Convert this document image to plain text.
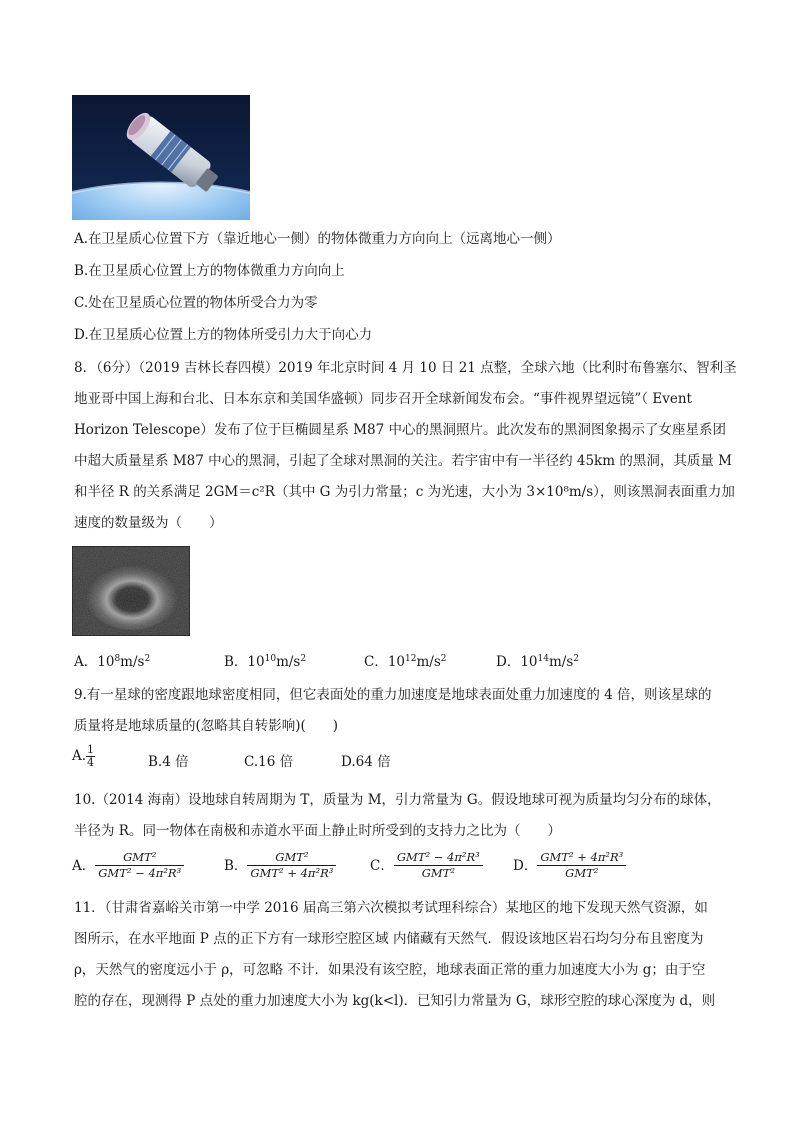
A.在卫星质心位置下方（靠近地心一侧）的物体微重力方向向上（远离地心一侧）
B.在卫星质心位置上方的物体微重力方向向上
C.处在卫星质心位置的物体所受合力为零
D.在卫星质心位置上方的物体所受引力大于向心力
8．（6分）（2019 吉林长春四模）2019 年北京时间 4 月 10 日 21 点整，全球六地（比利时布鲁塞尔、智利圣
地亚哥中国上海和台北、日本东京和美国华盛顿）同步召开全球新闻发布会。“事件视界望远镜”（ Event
Horizon Telescope）发布了位于巨椭圆星系 M87 中心的黑洞照片。此次发布的黑洞图象揭示了女座星系团
中超大质量星系 M87 中心的黑洞，引起了全球对黑洞的关注。若宇宙中有一半径约 45km 的黑洞，其质量 M
和半径 R 的关系满足 2GM＝c²R（其中 G 为引力常量；c 为光速，大小为 3×10⁸m/s），则该黑洞表面重力加
速度的数量级为（　　）
A．$10^8m/s^2$	B．$10^{10}m/s^2$	C．$10^{12}m/s^2$	D．$10^{14}m/s^2$
9.有一星球的密度跟地球密度相同，但它表面处的重力加速度是地球表面处重力加速度的 4 倍，则该星球的
质量将是地球质量的(忽略其自转影响)(　　)
A. $\frac{1}{4}$	B.4 倍	C.16 倍	D.64 倍
10.（2014 海南）设地球自转周期为 T，质量为 M，引力常量为 G。假设地球可视为质量均匀分布的球体，
半径为 R。同一物体在南极和赤道水平面上静止时所受到的支持力之比为（　　）
A． $\frac{\text{GMT²}}{\text{GMT² − 4π²R³}}$	B． $\frac{\text{GMT²}}{\text{GMT² + 4π²R³}}$ C． $\frac{\text{GMT² − 4π²R³}}{\text{GMT²}}$ D． $\frac{\text{GMT² + 4π²R³}}{\text{GMT²}}$
11．（甘肃省嘉峪关市第一中学 2016 届高三第六次模拟考试理科综合）某地区的地下发现天然气资源，如
图所示，在水平地面 P 点的正下方有一球形空腔区域 内储藏有天然气．假设该地区岩石均匀分布且密度为
ρ，天然气的密度远小于 ρ，可忽略 不计．如果没有该空腔，地球表面正常的重力加速度大小为 g；由于空
腔的存在，现测得 P 点处的重力加速度大小为 kg(k<l)．已知引力常量为 G，球形空腔的球心深度为 d，则
